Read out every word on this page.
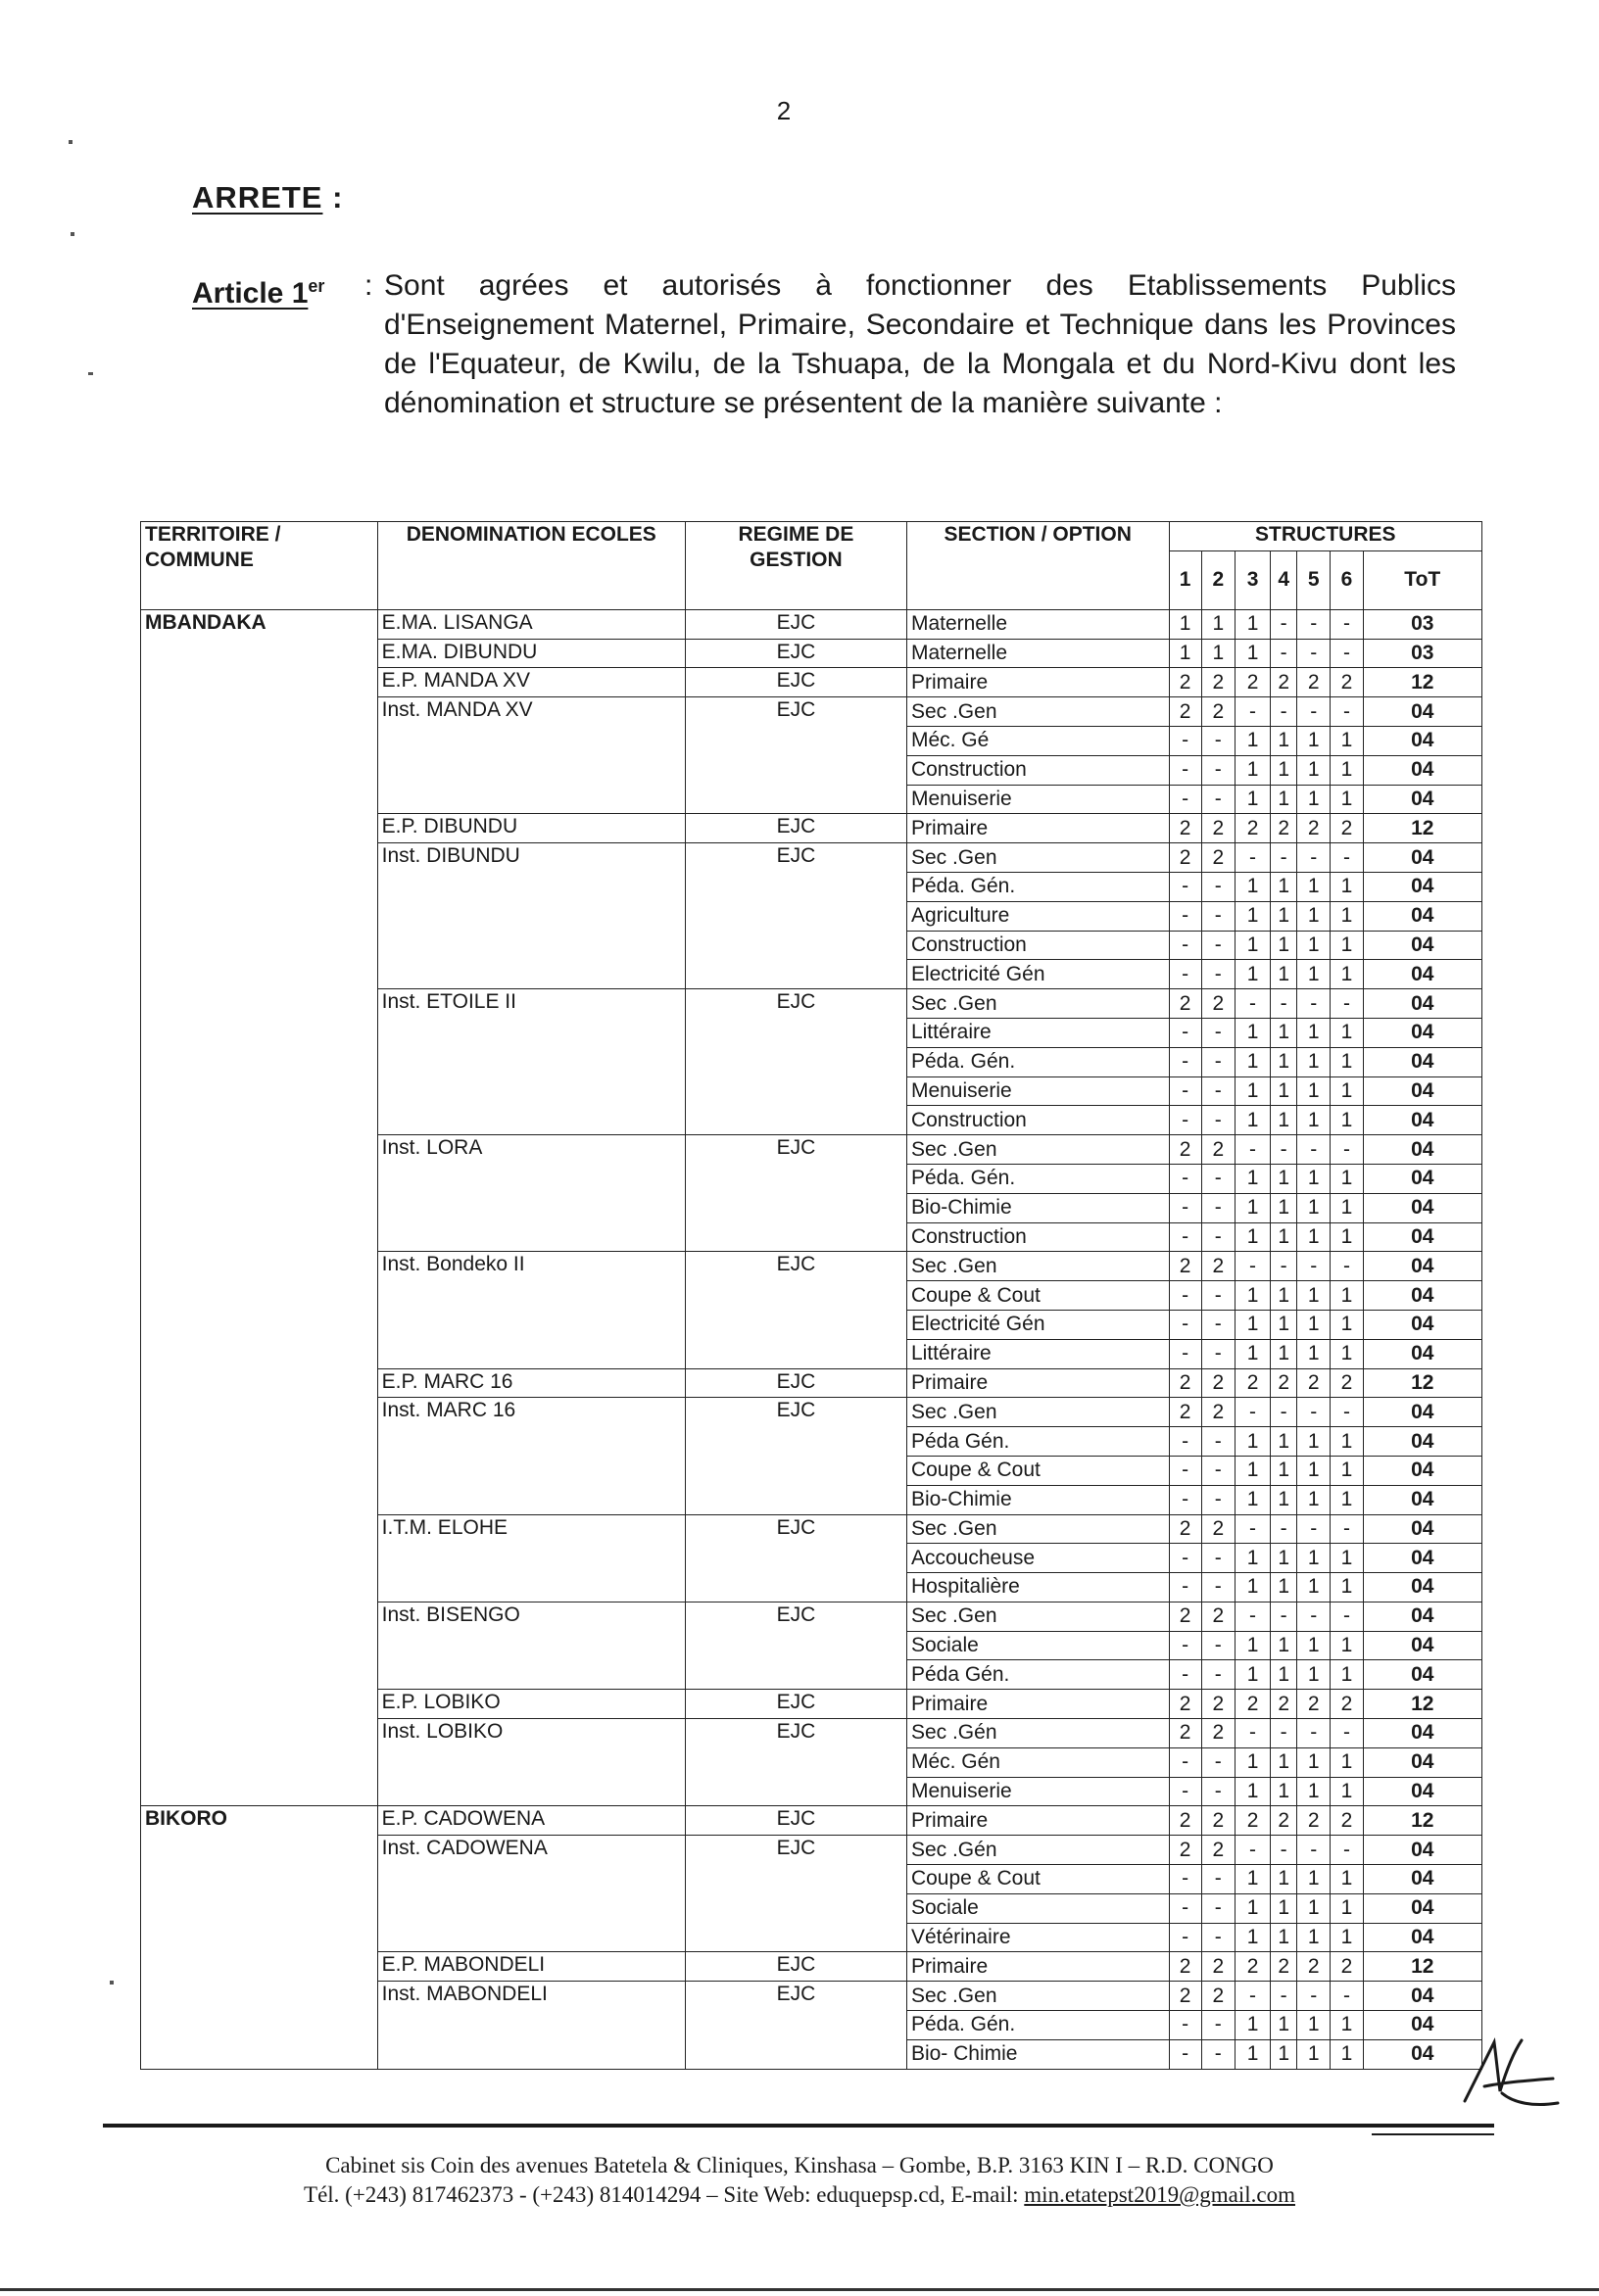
2
ARRETE :
Article 1er : Sont agrées et autorisés à fonctionner des Etablissements Publics d'Enseignement Maternel, Primaire, Secondaire et Technique dans les Provinces de l'Equateur, de Kwilu, de la Tshuapa, de la Mongala et du Nord-Kivu dont les dénomination et structure se présentent de la manière suivante :
TERRITOIRE / COMMUNE	DENOMINATION ECOLES	REGIME DE GESTION	SECTION / OPTION	STRUCTURES						
				1	2	3	4	5	6	ToT
MBANDAKA	E.MA. LISANGA	EJC	Maternelle	1	1	1	-	-	-	03
	E.MA. DIBUNDU	EJC	Maternelle	1	1	1	-	-	-	03
	E.P. MANDA XV	EJC	Primaire	2	2	2	2	2	2	12
	Inst. MANDA XV	EJC	Sec .Gen	2	2	-	-	-	-	04
			Méc. Gé	-	-	1	1	1	1	04
			Construction	-	-	1	1	1	1	04
			Menuiserie	-	-	1	1	1	1	04
	E.P. DIBUNDU	EJC	Primaire	2	2	2	2	2	2	12
	Inst. DIBUNDU	EJC	Sec .Gen	2	2	-	-	-	-	04
			Péda. Gén.	-	-	1	1	1	1	04
			Agriculture	-	-	1	1	1	1	04
			Construction	-	-	1	1	1	1	04
			Electricité Gén	-	-	1	1	1	1	04
	Inst. ETOILE II	EJC	Sec .Gen	2	2	-	-	-	-	04
			Littéraire	-	-	1	1	1	1	04
			Péda. Gén.	-	-	1	1	1	1	04
			Menuiserie	-	-	1	1	1	1	04
			Construction	-	-	1	1	1	1	04
	Inst. LORA	EJC	Sec .Gen	2	2	-	-	-	-	04
			Péda. Gén.	-	-	1	1	1	1	04
			Bio-Chimie	-	-	1	1	1	1	04
			Construction	-	-	1	1	1	1	04
	Inst. Bondeko II	EJC	Sec .Gen	2	2	-	-	-	-	04
			Coupe & Cout	-	-	1	1	1	1	04
			Electricité Gén	-	-	1	1	1	1	04
			Littéraire	-	-	1	1	1	1	04
	E.P. MARC 16	EJC	Primaire	2	2	2	2	2	2	12
	Inst. MARC 16	EJC	Sec .Gen	2	2	-	-	-	-	04
			Péda Gén.	-	-	1	1	1	1	04
			Coupe & Cout	-	-	1	1	1	1	04
			Bio-Chimie	-	-	1	1	1	1	04
	I.T.M. ELOHE	EJC	Sec .Gen	2	2	-	-	-	-	04
			Accoucheuse	-	-	1	1	1	1	04
			Hospitalière	-	-	1	1	1	1	04
	Inst. BISENGO	EJC	Sec .Gen	2	2	-	-	-	-	04
			Sociale	-	-	1	1	1	1	04
			Péda Gén.	-	-	1	1	1	1	04
	E.P. LOBIKO	EJC	Primaire	2	2	2	2	2	2	12
	Inst. LOBIKO	EJC	Sec .Gén	2	2	-	-	-	-	04
			Méc. Gén	-	-	1	1	1	1	04
			Menuiserie	-	-	1	1	1	1	04
BIKORO	E.P. CADOWENA	EJC	Primaire	2	2	2	2	2	2	12
	Inst. CADOWENA	EJC	Sec .Gén	2	2	-	-	-	-	04
			Coupe & Cout	-	-	1	1	1	1	04
			Sociale	-	-	1	1	1	1	04
			Vétérinaire	-	-	1	1	1	1	04
	E.P. MABONDELI	EJC	Primaire	2	2	2	2	2	2	12
	Inst. MABONDELI	EJC	Sec .Gen	2	2	-	-	-	-	04
			Péda. Gén.	-	-	1	1	1	1	04
			Bio- Chimie	-	-	1	1	1	1	04
Cabinet sis Coin des avenues Batetela & Cliniques, Kinshasa – Gombe, B.P. 3163 KIN I – R.D. CONGO
Tél. (+243) 817462373 - (+243) 814014294 – Site Web: eduquepsp.cd, E-mail: min.etatepst2019@gmail.com
